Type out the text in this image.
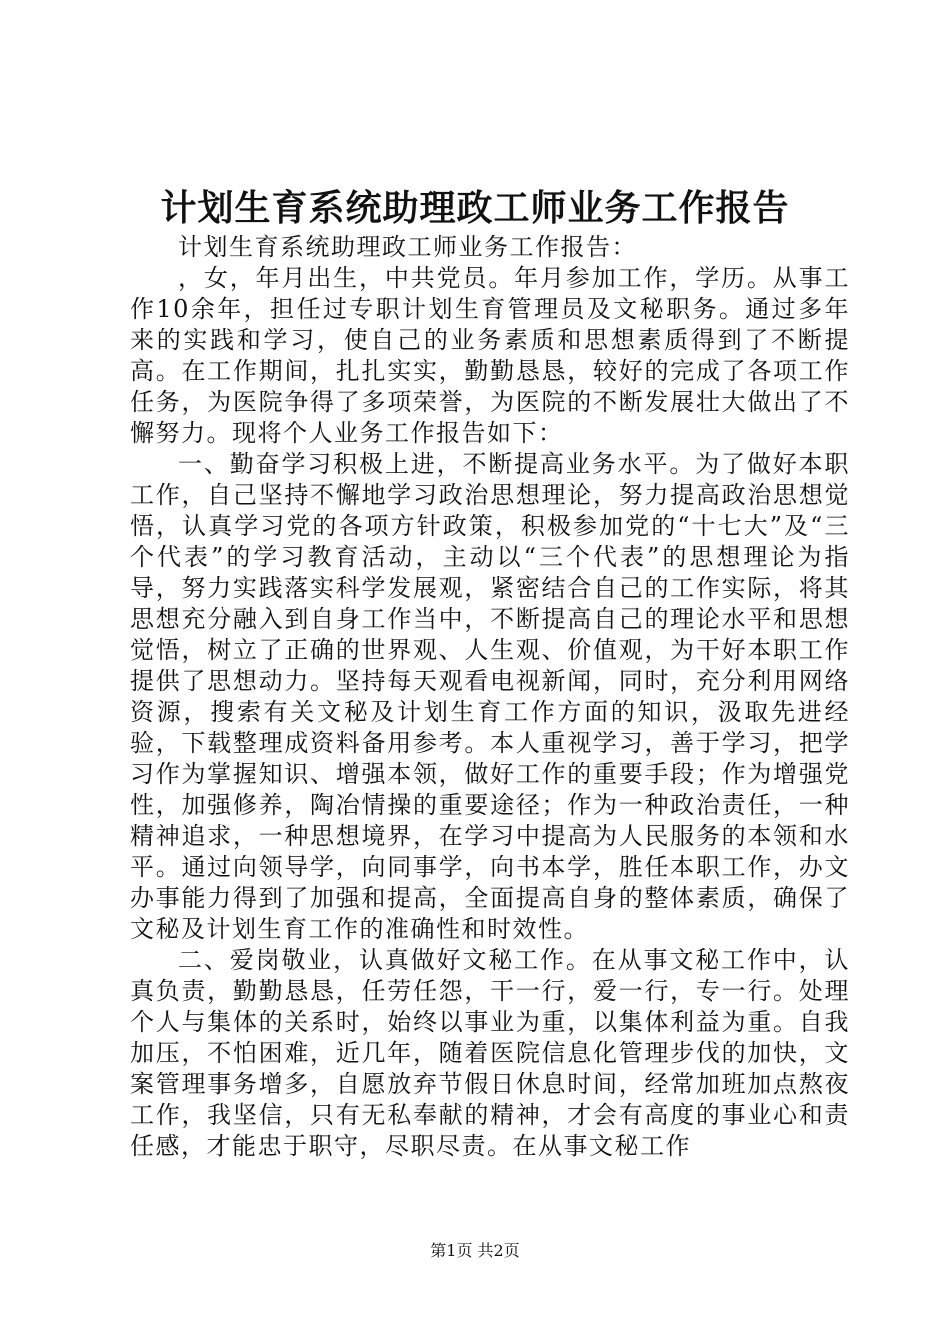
计划生育系统助理政工师业务工作报告

计划生育系统助理政工师业务工作报告：

，女，年月出生，中共党员。年月参加工作，学历。从事工作10余年，担任过专职计划生育管理员及文秘职务。通过多年来的实践和学习，使自己的业务素质和思想素质得到了不断提高。在工作期间，扎扎实实，勤勤恳恳，较好的完成了各项工作任务，为医院争得了多项荣誉，为医院的不断发展壮大做出了不懈努力。现将个人业务工作报告如下：

一、勤奋学习积极上进，不断提高业务水平。为了做好本职工作，自己坚持不懈地学习政治思想理论，努力提高政治思想觉悟，认真学习党的各项方针政策，积极参加党的“十七大”及“三个代表”的学习教育活动，主动以“三个代表”的思想理论为指导，努力实践落实科学发展观，紧密结合自己的工作实际，将其思想充分融入到自身工作当中，不断提高自己的理论水平和思想觉悟，树立了正确的世界观、人生观、价值观，为干好本职工作提供了思想动力。坚持每天观看电视新闻，同时，充分利用网络资源，搜索有关文秘及计划生育工作方面的知识，汲取先进经验，下载整理成资料备用参考。本人重视学习，善于学习，把学习作为掌握知识、增强本领，做好工作的重要手段；作为增强党性，加强修养，陶冶情操的重要途径；作为一种政治责任，一种精神追求，一种思想境界，在学习中提高为人民服务的本领和水平。通过向领导学，向同事学，向书本学，胜任本职工作，办文办事能力得到了加强和提高，全面提高自身的整体素质，确保了文秘及计划生育工作的准确性和时效性。

二、爱岗敬业，认真做好文秘工作。在从事文秘工作中，认真负责，勤勤恳恳，任劳任怨，干一行，爱一行，专一行。处理个人与集体的关系时，始终以事业为重，以集体利益为重。自我加压，不怕困难，近几年，随着医院信息化管理步伐的加快，文案管理事务增多，自愿放弃节假日休息时间，经常加班加点熬夜工作，我坚信，只有无私奉献的精神，才会有高度的事业心和责任感，才能忠于职守，尽职尽责。在从事文秘工作

第1页 共2页
